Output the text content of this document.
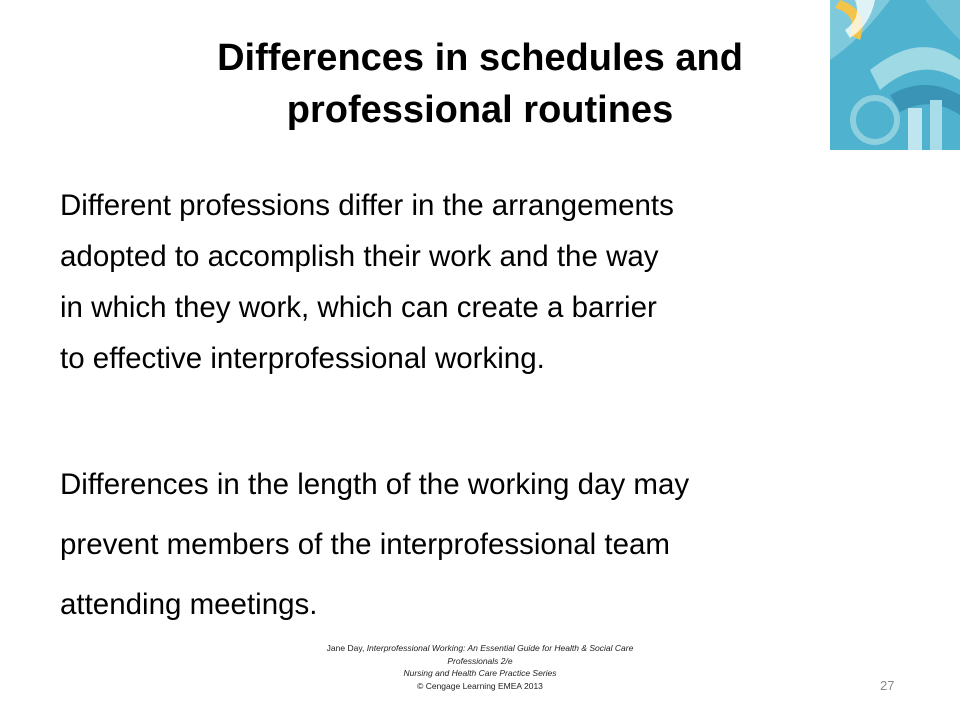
Differences in schedules and
professional routines
Different professions differ in the arrangements
adopted to accomplish their work and the way
in which they work, which can create a barrier
to effective interprofessional working.
Differences in the length of the working day may
prevent members of the interprofessional team
attending meetings.
Jane Day, Interprofessional Working: An Essential Guide for Health & Social Care
Professionals 2/e
Nursing and Health Care Practice Series
© Cengage Learning EMEA 2013	27
